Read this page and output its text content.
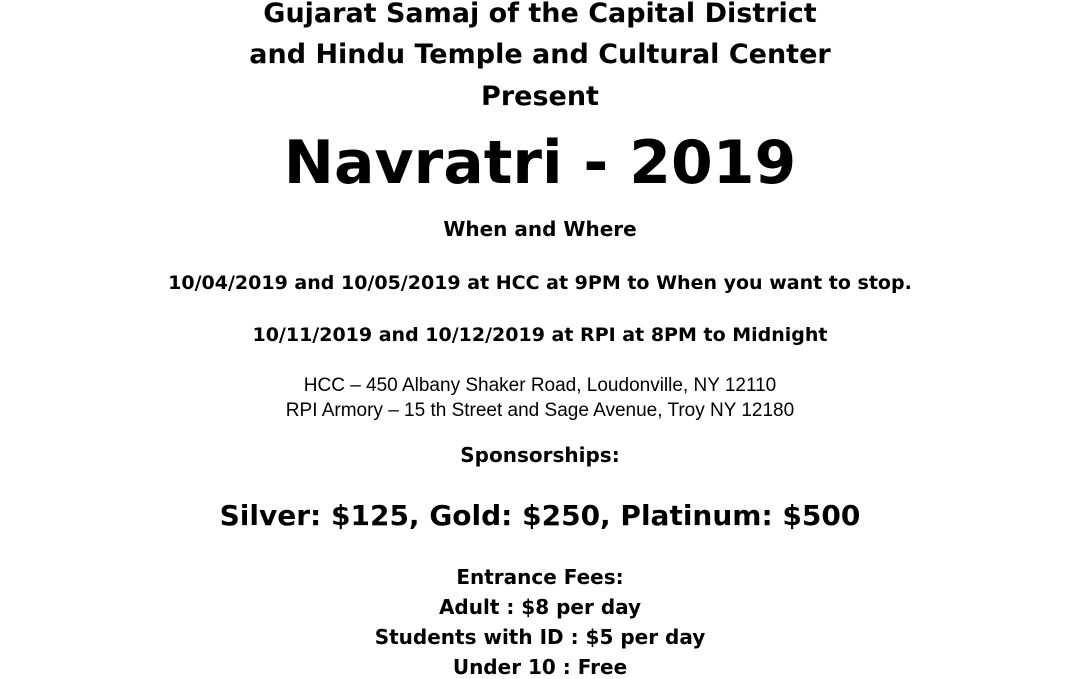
Gujarat Samaj of the Capital District
and Hindu Temple and Cultural Center
Present
Navratri - 2019
When and Where
10/04/2019 and 10/05/2019 at HCC at 9PM to When you want to stop.
10/11/2019 and 10/12/2019 at RPI at 8PM to Midnight
HCC – 450 Albany Shaker Road, Loudonville, NY 12110
RPI Armory – 15 th Street and Sage Avenue, Troy NY 12180
Sponsorships:
Silver: $125, Gold: $250, Platinum: $500
Entrance Fees:
Adult : $8 per day
Students with ID : $5 per day
Under 10 : Free
